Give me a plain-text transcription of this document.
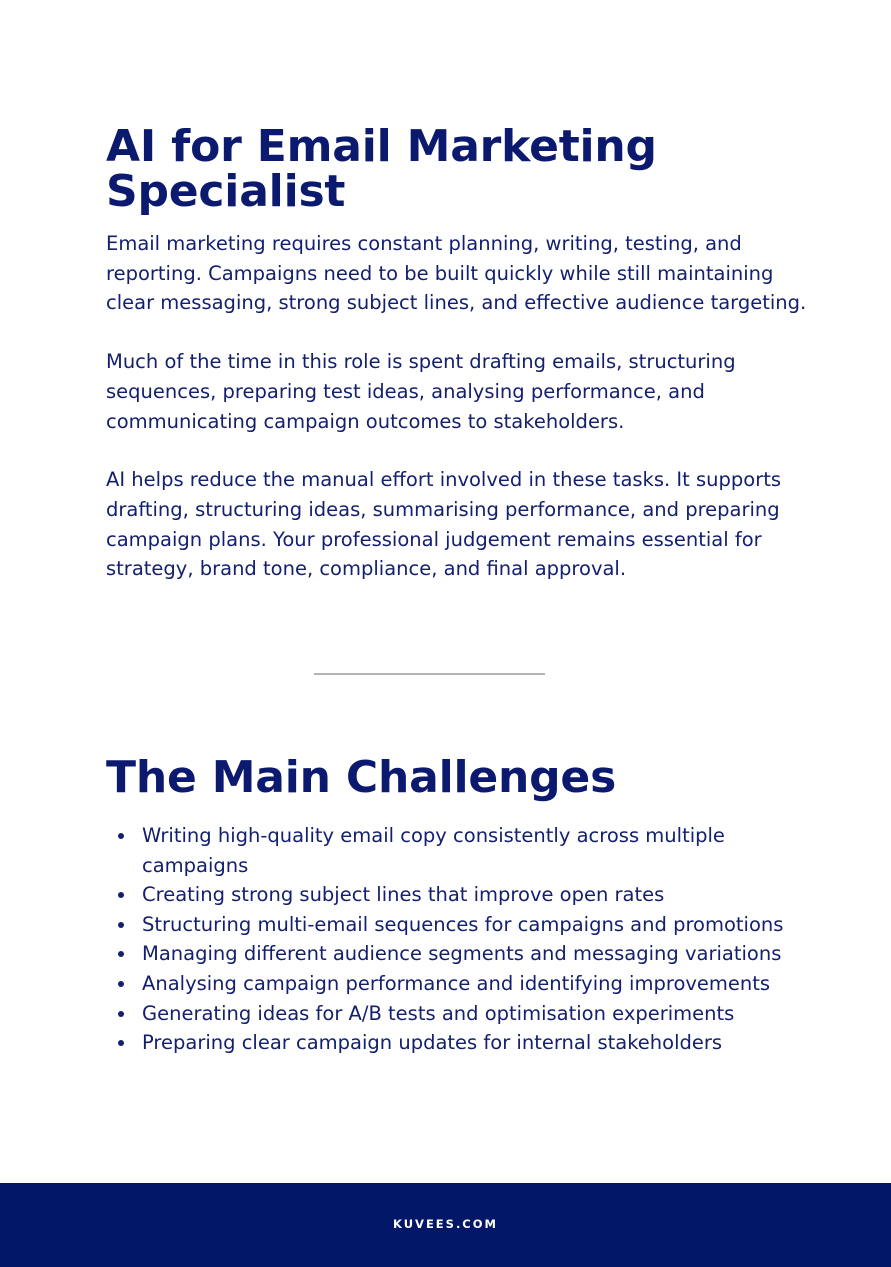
AI for Email Marketing Specialist

Email marketing requires constant planning, writing, testing, and reporting. Campaigns need to be built quickly while still maintaining clear messaging, strong subject lines, and effective audience targeting.

Much of the time in this role is spent drafting emails, structuring sequences, preparing test ideas, analysing performance, and communicating campaign outcomes to stakeholders.

AI helps reduce the manual effort involved in these tasks. It supports drafting, structuring ideas, summarising performance, and preparing campaign plans. Your professional judgement remains essential for strategy, brand tone, compliance, and final approval.

The Main Challenges
Writing high-quality email copy consistently across multiple campaigns
Creating strong subject lines that improve open rates
Structuring multi-email sequences for campaigns and promotions
Managing different audience segments and messaging variations
Analysing campaign performance and identifying improvements
Generating ideas for A/B tests and optimisation experiments
Preparing clear campaign updates for internal stakeholders
KUVEES.COM
